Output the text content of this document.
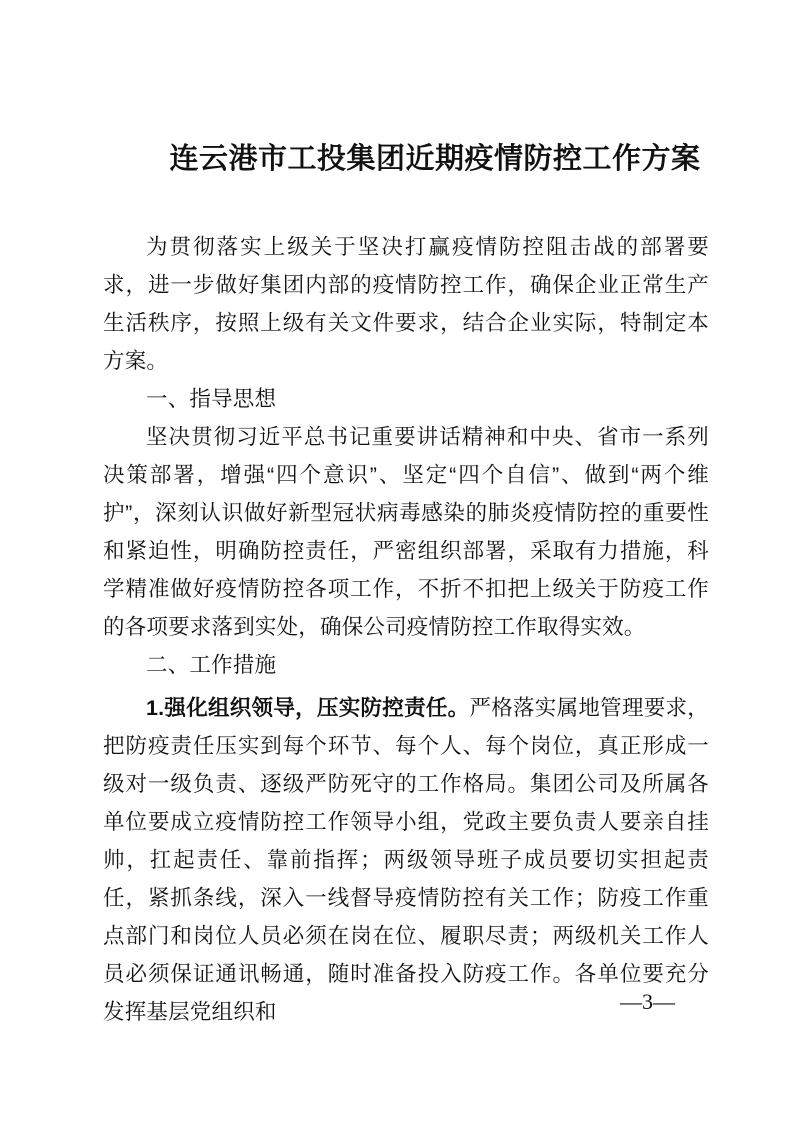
连云港市工投集团近期疫情防控工作方案

为贯彻落实上级关于坚决打赢疫情防控阻击战的部署要求，进一步做好集团内部的疫情防控工作，确保企业正常生产生活秩序，按照上级有关文件要求，结合企业实际，特制定本方案。

一、指导思想

坚决贯彻习近平总书记重要讲话精神和中央、省市一系列决策部署，增强“四个意识”、坚定“四个自信”、做到“两个维护”，深刻认识做好新型冠状病毒感染的肺炎疫情防控的重要性和紧迫性，明确防控责任，严密组织部署，采取有力措施，科学精准做好疫情防控各项工作，不折不扣把上级关于防疫工作的各项要求落到实处，确保公司疫情防控工作取得实效。

二、工作措施

1.强化组织领导，压实防控责任。严格落实属地管理要求，把防疫责任压实到每个环节、每个人、每个岗位，真正形成一级对一级负责、逐级严防死守的工作格局。集团公司及所属各单位要成立疫情防控工作领导小组，党政主要负责人要亲自挂帅，扛起责任、靠前指挥；两级领导班子成员要切实担起责任，紧抓条线，深入一线督导疫情防控有关工作；防疫工作重点部门和岗位人员必须在岗在位、履职尽责；两级机关工作人员必须保证通讯畅通，随时准备投入防疫工作。各单位要充分发挥基层党组织和	—3—
